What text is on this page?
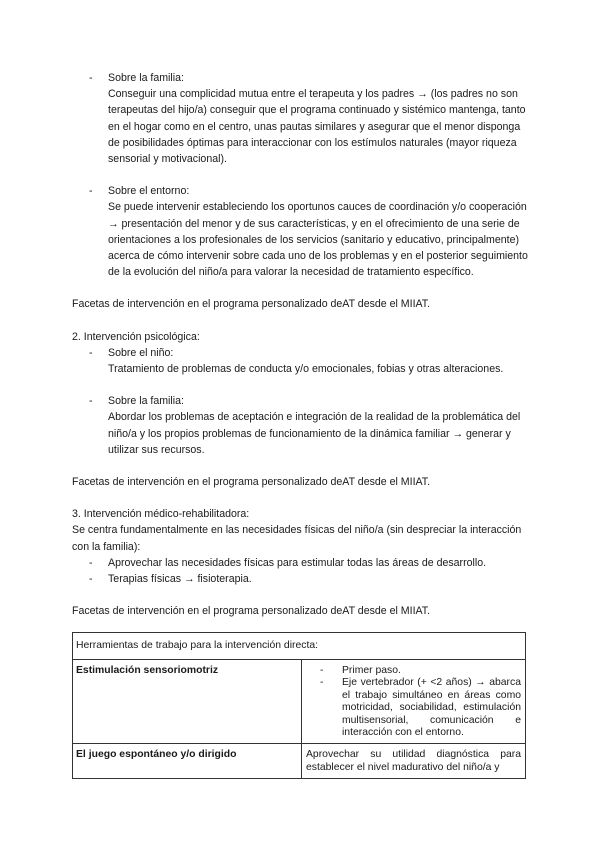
- Sobre la familia:

Conseguir una complicidad mutua entre el terapeuta y los padres → (los padres no son terapeutas del hijo/a) conseguir que el programa continuado y sistémico mantenga, tanto en el hogar como en el centro, unas pautas similares y asegurar que el menor disponga de posibilidades óptimas para interaccionar con los estímulos naturales (mayor riqueza sensorial y motivacional).

- Sobre el entorno:

Se puede intervenir estableciendo los oportunos cauces de coordinación y/o cooperación → presentación del menor y de sus características, y en el ofrecimiento de una serie de orientaciones a los profesionales de los servicios (sanitario y educativo, principalmente) acerca de cómo intervenir sobre cada uno de los problemas y en el posterior seguimiento de la evolución del niño/a para valorar la necesidad de tratamiento específico.

Facetas de intervención en el programa personalizado deAT desde el MIIAT.

2. Intervención psicológica:

- Sobre el niño:

Tratamiento de problemas de conducta y/o emocionales, fobias y otras alteraciones.

- Sobre la familia:

Abordar los problemas de aceptación e integración de la realidad de la problemática del niño/a y los propios problemas de funcionamiento de la dinámica familiar → generar y utilizar sus recursos.

Facetas de intervención en el programa personalizado deAT desde el MIIAT.

3. Intervención médico-rehabilitadora:

Se centra fundamentalmente en las necesidades físicas del niño/a (sin despreciar la interacción con la familia):

- Aprovechar las necesidades físicas para estimular todas las áreas de desarrollo.

- Terapias físicas → fisioterapia.

Facetas de intervención en el programa personalizado deAT desde el MIIAT.

Herramientas de trabajo para la intervención directa:	
Estimulación sensoriomotriz	- Primer paso.
- Eje vertebrador (+ <2 años) → abarca el trabajo simultáneo en áreas como motricidad, sociabilidad, estimulación multisensorial, comunicación e interacción con el entorno.

El juego espontáneo y/o dirigido	Aprovechar su utilidad diagnóstica para establecer el nivel madurativo del niño/a y
